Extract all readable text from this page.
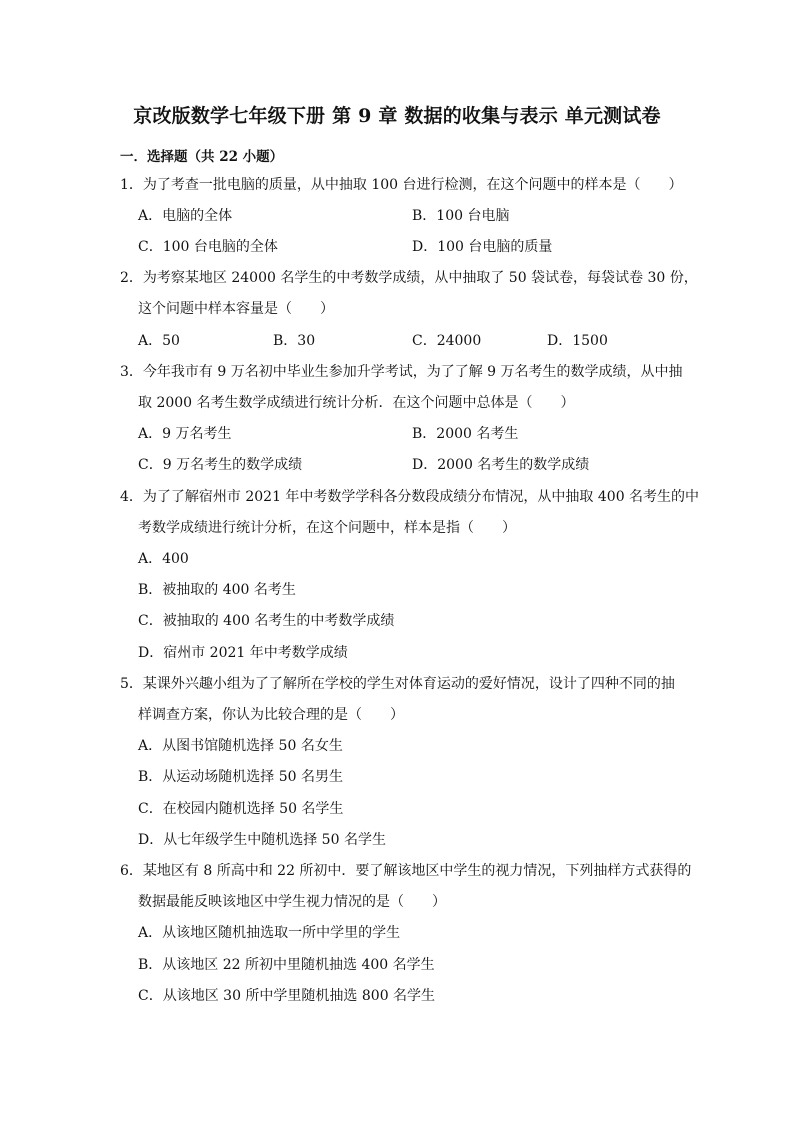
京改版数学七年级下册 第 9 章 数据的收集与表示 单元测试卷
一．选择题（共 22 小题）
1．为了考查一批电脑的质量，从中抽取 100 台进行检测，在这个问题中的样本是（　　）
A．电脑的全体	B．100 台电脑
C．100 台电脑的全体	D．100 台电脑的质量
2．为考察某地区 24000 名学生的中考数学成绩，从中抽取了 50 袋试卷，每袋试卷 30 份，
这个问题中样本容量是（　　）
A．50	B．30	C．24000	D．1500
3．今年我市有 9 万名初中毕业生参加升学考试，为了了解 9 万名考生的数学成绩，从中抽
取 2000 名考生数学成绩进行统计分析．在这个问题中总体是（　　）
A．9 万名考生	B．2000 名考生
C．9 万名考生的数学成绩	D．2000 名考生的数学成绩
4．为了了解宿州市 2021 年中考数学学科各分数段成绩分布情况，从中抽取 400 名考生的中
考数学成绩进行统计分析，在这个问题中，样本是指（　　）
A．400
B．被抽取的 400 名考生
C．被抽取的 400 名考生的中考数学成绩
D．宿州市 2021 年中考数学成绩
5．某课外兴趣小组为了了解所在学校的学生对体育运动的爱好情况，设计了四种不同的抽
样调查方案，你认为比较合理的是（　　）
A．从图书馆随机选择 50 名女生
B．从运动场随机选择 50 名男生
C．在校园内随机选择 50 名学生
D．从七年级学生中随机选择 50 名学生
6．某地区有 8 所高中和 22 所初中．要了解该地区中学生的视力情况，下列抽样方式获得的
数据最能反映该地区中学生视力情况的是（　　）
A．从该地区随机抽选取一所中学里的学生
B．从该地区 22 所初中里随机抽选 400 名学生
C．从该地区 30 所中学里随机抽选 800 名学生
